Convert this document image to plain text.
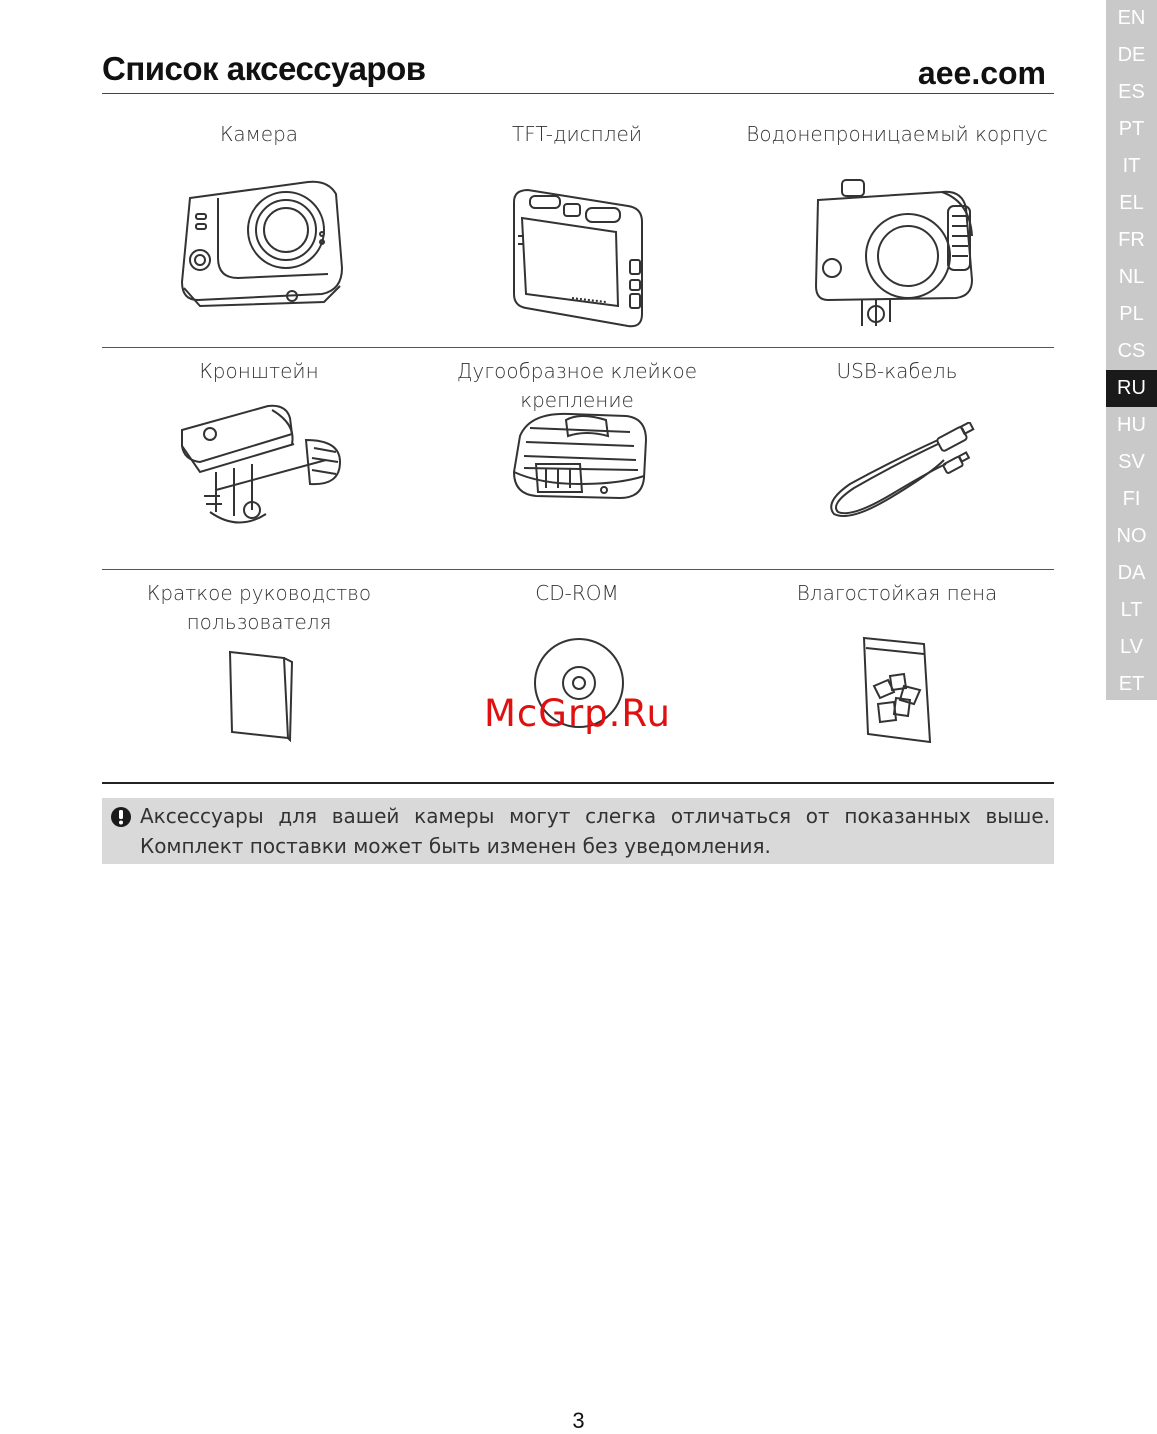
Список аксессуаров	aee.com
EN
DE
ES
PT
IT
EL
FR
NL
PL
CS
RU
HU
SV
FI
NO
DA
LT
LV
ET
Камера	TFT-дисплей	Водонепроницаемый корпус
Кронштейн	Дугообразное клейкое крепление
USB-кабель
Краткое руководство пользователя
CD-ROM	Влагостойкая пена
Аксессуары для вашей камеры могут слегка отличаться от показанных выше. Комплект поставки может быть изменен без уведомления.
McGrp.Ru
3
